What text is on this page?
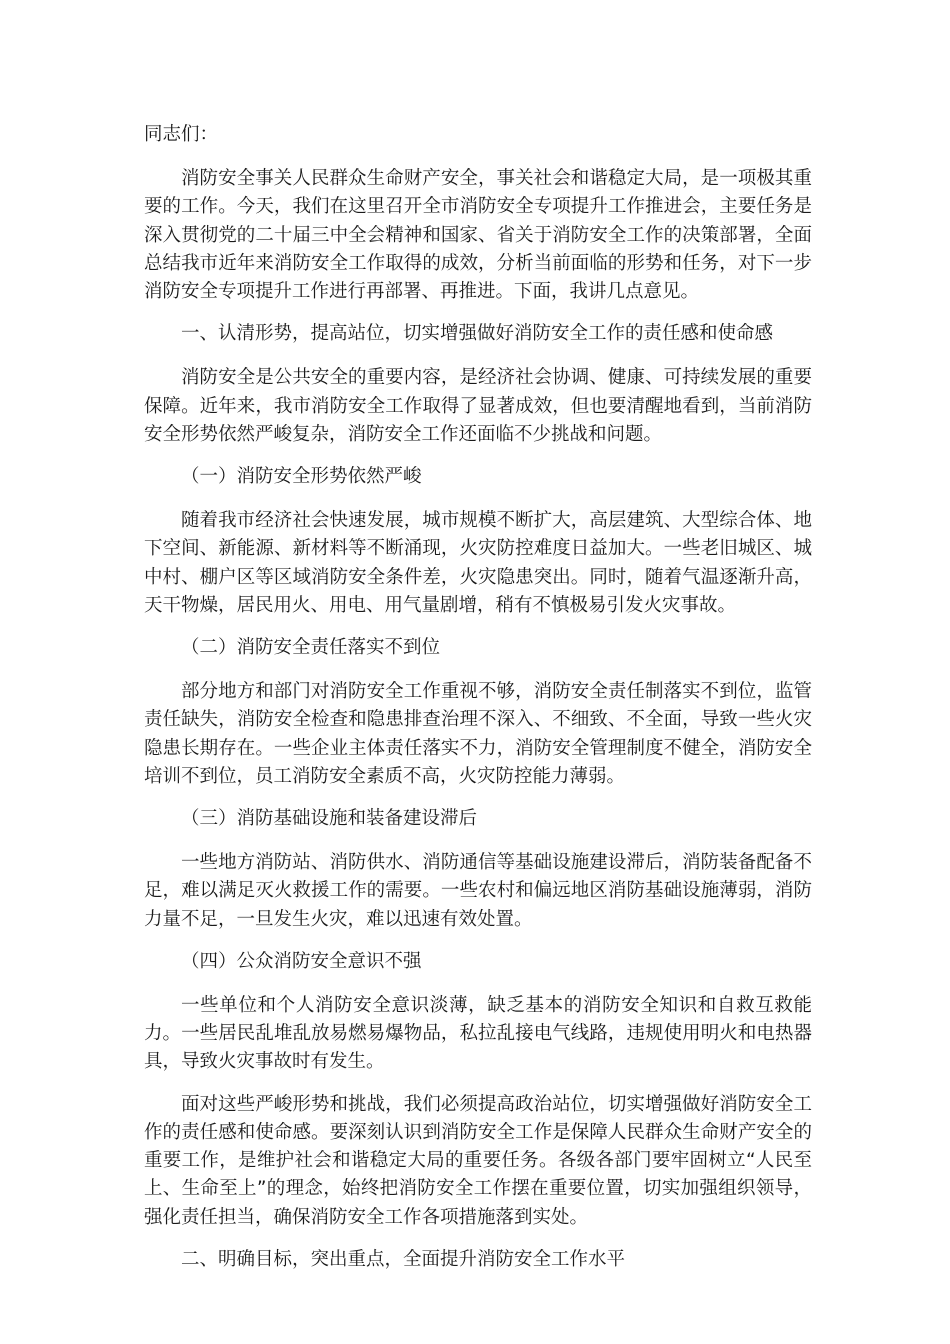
同志们：

消防安全事关人民群众生命财产安全，事关社会和谐稳定大局，是一项极其重要的工作。今天，我们在这里召开全市消防安全专项提升工作推进会，主要任务是深入贯彻党的二十届三中全会精神和国家、省关于消防安全工作的决策部署，全面总结我市近年来消防安全工作取得的成效，分析当前面临的形势和任务，对下一步消防安全专项提升工作进行再部署、再推进。下面，我讲几点意见。

一、认清形势，提高站位，切实增强做好消防安全工作的责任感和使命感

消防安全是公共安全的重要内容，是经济社会协调、健康、可持续发展的重要保障。近年来，我市消防安全工作取得了显著成效，但也要清醒地看到，当前消防安全形势依然严峻复杂，消防安全工作还面临不少挑战和问题。

（一）消防安全形势依然严峻

随着我市经济社会快速发展，城市规模不断扩大，高层建筑、大型综合体、地下空间、新能源、新材料等不断涌现，火灾防控难度日益加大。一些老旧城区、城中村、棚户区等区域消防安全条件差，火灾隐患突出。同时，随着气温逐渐升高，天干物燥，居民用火、用电、用气量剧增，稍有不慎极易引发火灾事故。

（二）消防安全责任落实不到位

部分地方和部门对消防安全工作重视不够，消防安全责任制落实不到位，监管责任缺失，消防安全检查和隐患排查治理不深入、不细致、不全面，导致一些火灾隐患长期存在。一些企业主体责任落实不力，消防安全管理制度不健全，消防安全培训不到位，员工消防安全素质不高，火灾防控能力薄弱。

（三）消防基础设施和装备建设滞后

一些地方消防站、消防供水、消防通信等基础设施建设滞后，消防装备配备不足，难以满足灭火救援工作的需要。一些农村和偏远地区消防基础设施薄弱，消防力量不足，一旦发生火灾，难以迅速有效处置。

（四）公众消防安全意识不强

一些单位和个人消防安全意识淡薄，缺乏基本的消防安全知识和自救互救能力。一些居民乱堆乱放易燃易爆物品，私拉乱接电气线路，违规使用明火和电热器具，导致火灾事故时有发生。

面对这些严峻形势和挑战，我们必须提高政治站位，切实增强做好消防安全工作的责任感和使命感。要深刻认识到消防安全工作是保障人民群众生命财产安全的重要工作，是维护社会和谐稳定大局的重要任务。各级各部门要牢固树立“人民至上、生命至上”的理念，始终把消防安全工作摆在重要位置，切实加强组织领导，强化责任担当，确保消防安全工作各项措施落到实处。

二、明确目标，突出重点，全面提升消防安全工作水平
